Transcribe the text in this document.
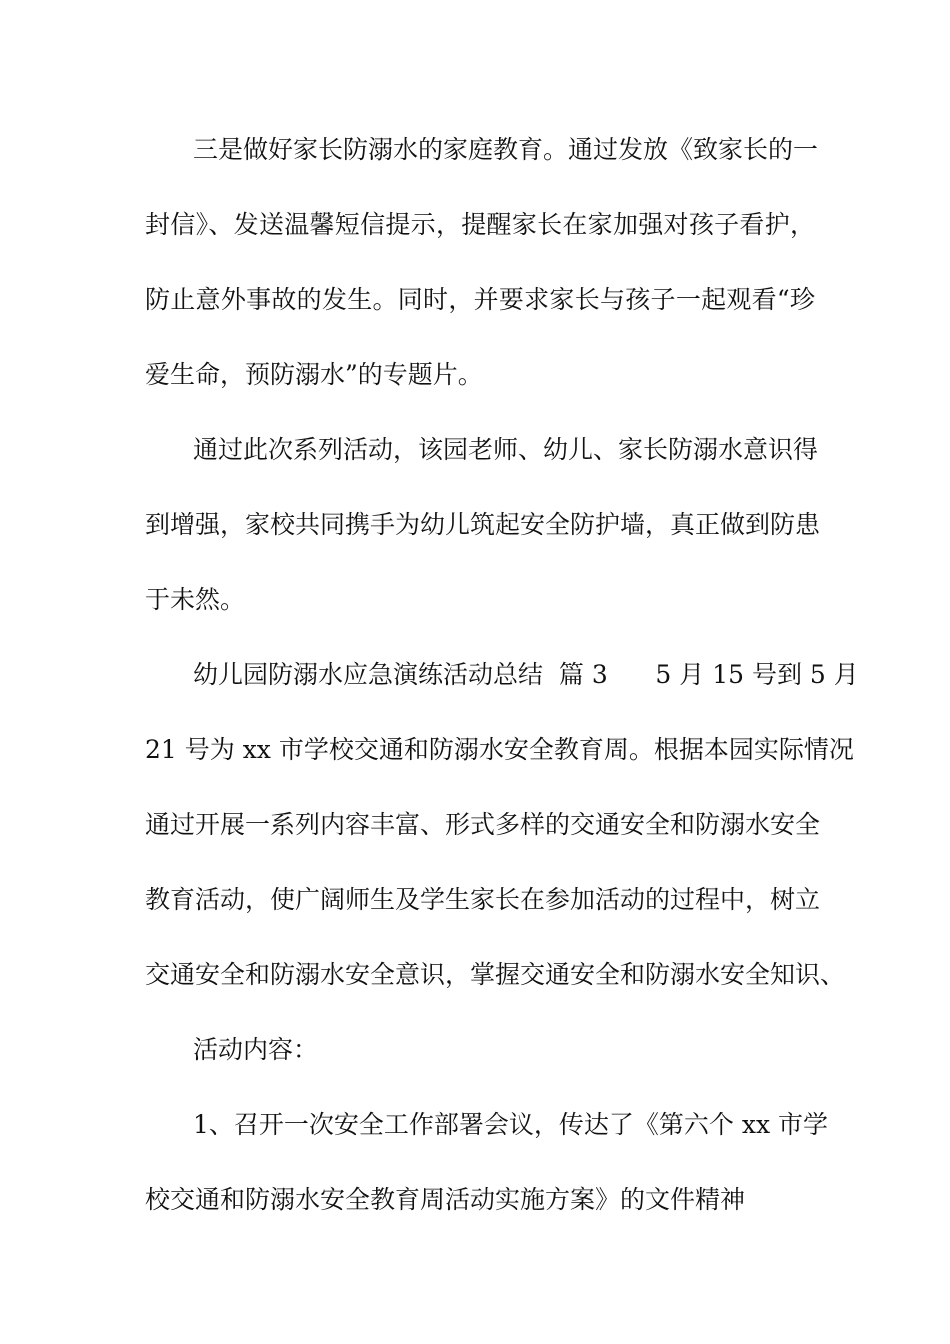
三是做好家长防溺水的家庭教育。通过发放《致家长的一
封信》、发送温馨短信提示，提醒家长在家加强对孩子看护，
防止意外事故的发生。同时，并要求家长与孩子一起观看“珍
爱生命，预防溺水”的专题片。
通过此次系列活动，该园老师、幼儿、家长防溺水意识得
到增强，家校共同携手为幼儿筑起安全防护墙，真正做到防患
于未然。
幼儿园防溺水应急演练活动总结  篇 3      5 月 15 号到 5 月
21 号为 xx 市学校交通和防溺水安全教育周。根据本园实际情况
通过开展一系列内容丰富、形式多样的交通安全和防溺水安全
教育活动，使广阔师生及学生家长在参加活动的过程中，树立
交通安全和防溺水安全意识，掌握交通安全和防溺水安全知识、
活动内容：
1、召开一次安全工作部署会议，传达了《第六个 xx 市学
校交通和防溺水安全教育周活动实施方案》的文件精神
